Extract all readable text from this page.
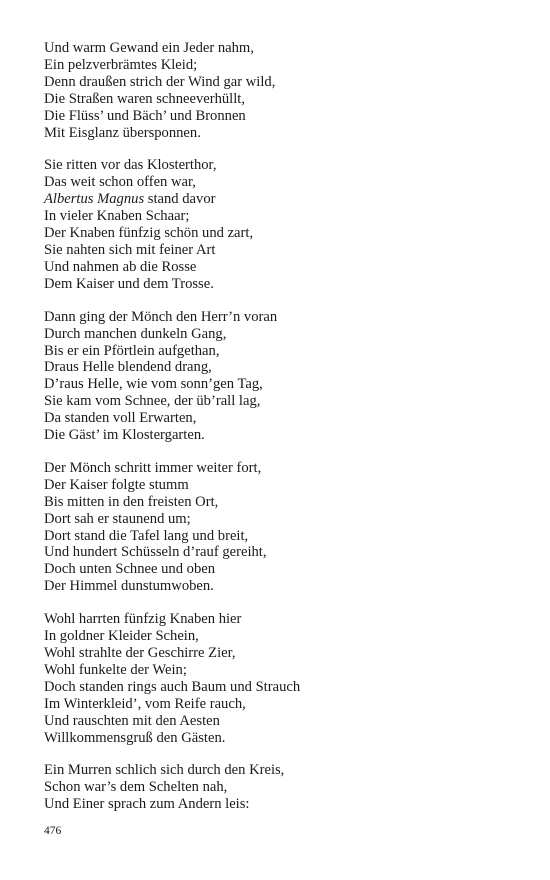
Und warm Gewand ein Jeder nahm,
Ein pelzverbrämtes Kleid;
Denn draußen strich der Wind gar wild,
Die Straßen waren schneeverhüllt,
Die Flüss’ und Bäch’ und Bronnen
Mit Eisglanz übersponnen.
Sie ritten vor das Klosterthor,
Das weit schon offen war,
Albertus Magnus stand davor
In vieler Knaben Schaar;
Der Knaben fünfzig schön und zart,
Sie nahten sich mit feiner Art
Und nahmen ab die Rosse
Dem Kaiser und dem Trosse.
Dann ging der Mönch den Herr’n voran
Durch manchen dunkeln Gang,
Bis er ein Pförtlein aufgethan,
Draus Helle blendend drang,
D’raus Helle, wie vom sonn’gen Tag,
Sie kam vom Schnee, der üb’rall lag,
Da standen voll Erwarten,
Die Gäst’ im Klostergarten.
Der Mönch schritt immer weiter fort,
Der Kaiser folgte stumm
Bis mitten in den freisten Ort,
Dort sah er staunend um;
Dort stand die Tafel lang und breit,
Und hundert Schüsseln d’rauf gereiht,
Doch unten Schnee und oben
Der Himmel dunstumwoben.
Wohl harrten fünfzig Knaben hier
In goldner Kleider Schein,
Wohl strahlte der Geschirre Zier,
Wohl funkelte der Wein;
Doch standen rings auch Baum und Strauch
Im Winterkleid’, vom Reife rauch,
Und rauschten mit den Aesten
Willkommensgruß den Gästen.
Ein Murren schlich sich durch den Kreis,
Schon war’s dem Schelten nah,
Und Einer sprach zum Andern leis:
476
